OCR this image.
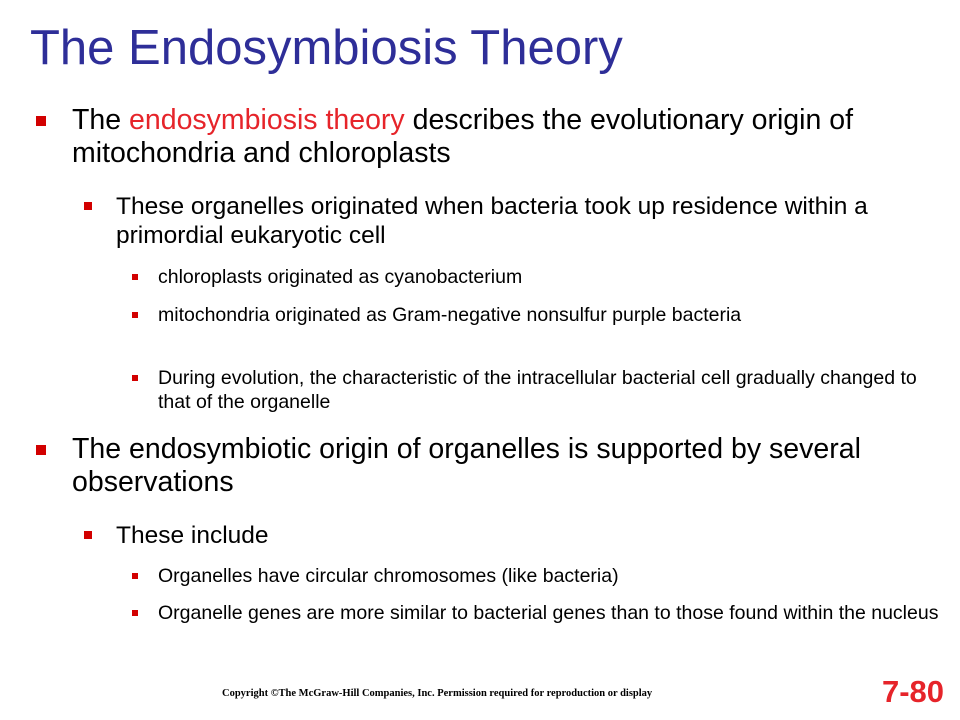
The Endosymbiosis Theory
The endosymbiosis theory describes the evolutionary origin of mitochondria and chloroplasts
These organelles originated when bacteria took up residence within a primordial eukaryotic cell
chloroplasts originated as cyanobacterium
mitochondria originated as Gram-negative nonsulfur purple bacteria
During evolution, the characteristic of the intracellular bacterial cell gradually changed to that of the organelle
The endosymbiotic origin of organelles is supported by several observations
These include
Organelles have circular chromosomes (like bacteria)
Organelle genes are more similar to bacterial genes than to those found within the nucleus
Copyright ©The McGraw-Hill Companies, Inc. Permission required for reproduction or display	7-80
